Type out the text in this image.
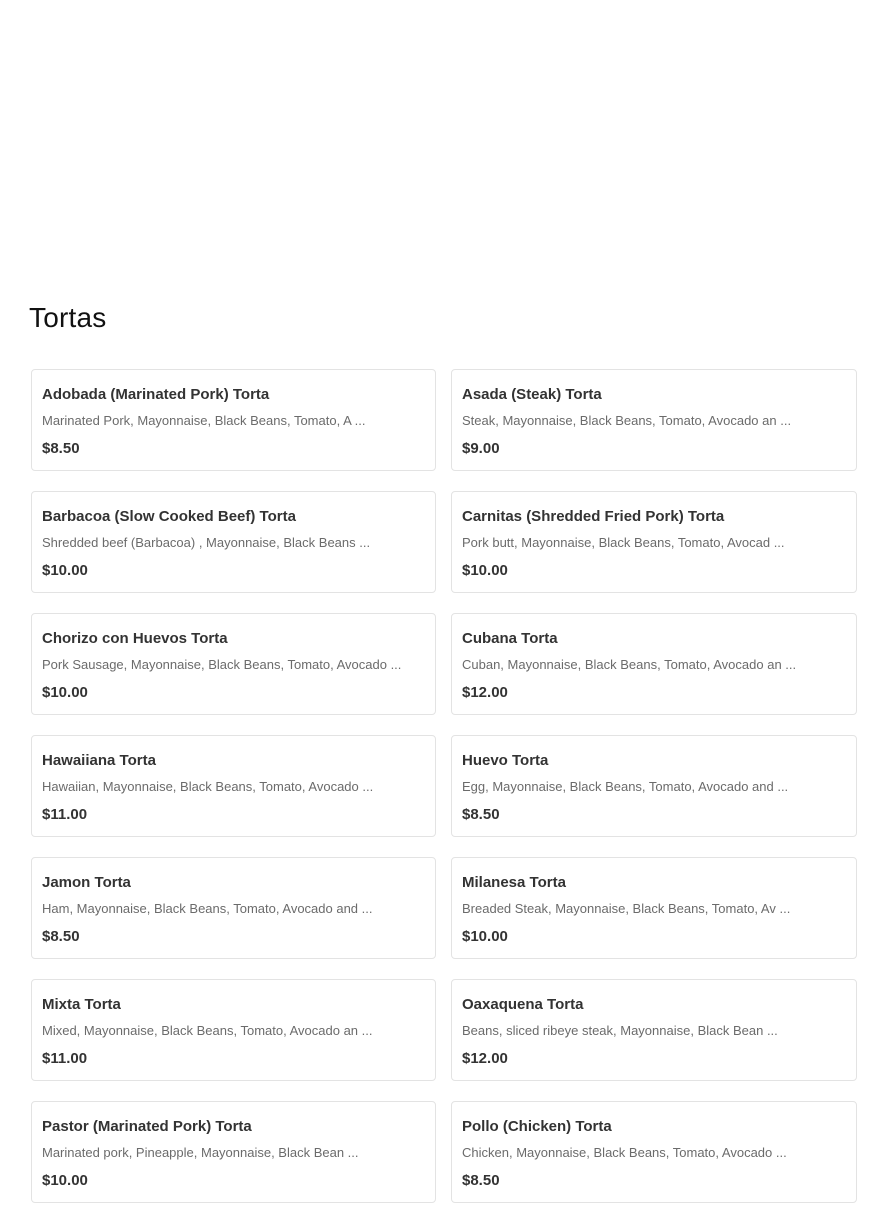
Tortas
Adobada (Marinated Pork) Torta
Marinated Pork, Mayonnaise, Black Beans, Tomato, A ...
$8.50
Asada (Steak) Torta
Steak, Mayonnaise, Black Beans, Tomato, Avocado an ...
$9.00
Barbacoa (Slow Cooked Beef) Torta
Shredded beef (Barbacoa) , Mayonnaise, Black Beans ...
$10.00
Carnitas (Shredded Fried Pork) Torta
Pork butt, Mayonnaise, Black Beans, Tomato, Avocad ...
$10.00
Chorizo con Huevos Torta
Pork Sausage, Mayonnaise, Black Beans, Tomato, Avocado ...
$10.00
Cubana Torta
Cuban, Mayonnaise, Black Beans, Tomato, Avocado an ...
$12.00
Hawaiiana Torta
Hawaiian, Mayonnaise, Black Beans, Tomato, Avocado ...
$11.00
Huevo Torta
Egg, Mayonnaise, Black Beans, Tomato, Avocado and ...
$8.50
Jamon Torta
Ham, Mayonnaise, Black Beans, Tomato, Avocado and ...
$8.50
Milanesa Torta
Breaded Steak, Mayonnaise, Black Beans, Tomato, Av ...
$10.00
Mixta Torta
Mixed, Mayonnaise, Black Beans, Tomato, Avocado an ...
$11.00
Oaxaquena Torta
Beans, sliced ribeye steak, Mayonnaise, Black Bean ...
$12.00
Pastor (Marinated Pork) Torta
Marinated pork, Pineapple, Mayonnaise, Black Bean ...
$10.00
Pollo (Chicken) Torta
Chicken, Mayonnaise, Black Beans, Tomato, Avocado ...
$8.50
